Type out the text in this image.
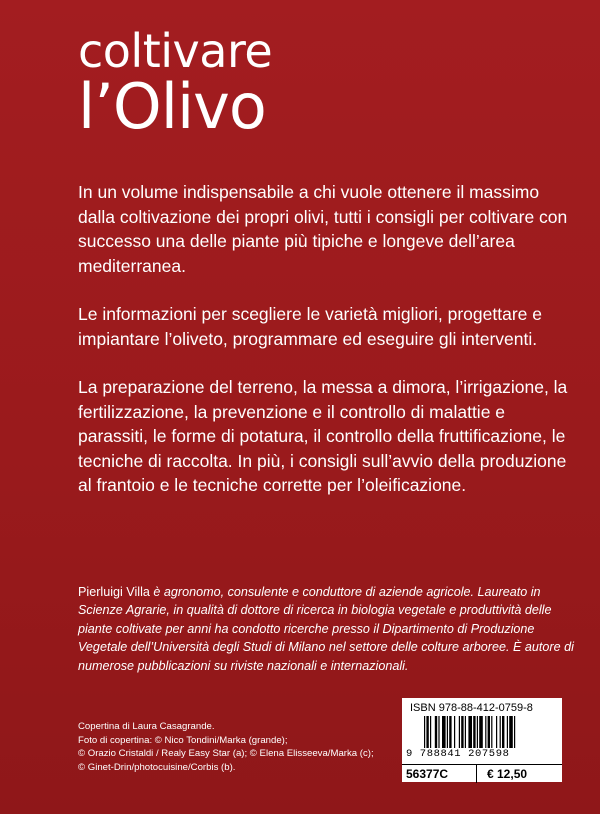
coltivare
l’Olivo

In un volume indispensabile a chi vuole ottenere il massimo dalla coltivazione dei propri olivi, tutti i consigli per coltivare con successo una delle piante più tipiche e longeve dell’area mediterranea.

Le informazioni per scegliere le varietà migliori, progettare e impiantare l’oliveto, programmare ed eseguire gli interventi.

La preparazione del terreno, la messa a dimora, l’irrigazione, la fertilizzazione, la prevenzione e il controllo di malattie e parassiti, le forme di potatura, il controllo della fruttificazione, le tecniche di raccolta. In più, i consigli sull’avvio della produzione al frantoio e le tecniche corrette per l’oleificazione.

Pierluigi Villa è agronomo, consulente e conduttore di aziende agricole. Laureato in Scienze Agrarie, in qualità di dottore di ricerca in biologia vegetale e produttività delle piante coltivate per anni ha condotto ricerche presso il Dipartimento di Produzione Vegetale dell’Università degli Studi di Milano nel settore delle colture arboree. È autore di numerose pubblicazioni su riviste nazionali e internazionali.
Copertina di Laura Casagrande.
Foto di copertina: © Nico Tondini/Marka (grande);
© Orazio Cristaldi / Realy Easy Star (a); © Elena Elisseeva/Marka (c);
© Ginet-Drin/photocuisine/Corbis (b).
ISBN 978-88-412-0759-8
9 788841 207598
56377C	€ 12,50
